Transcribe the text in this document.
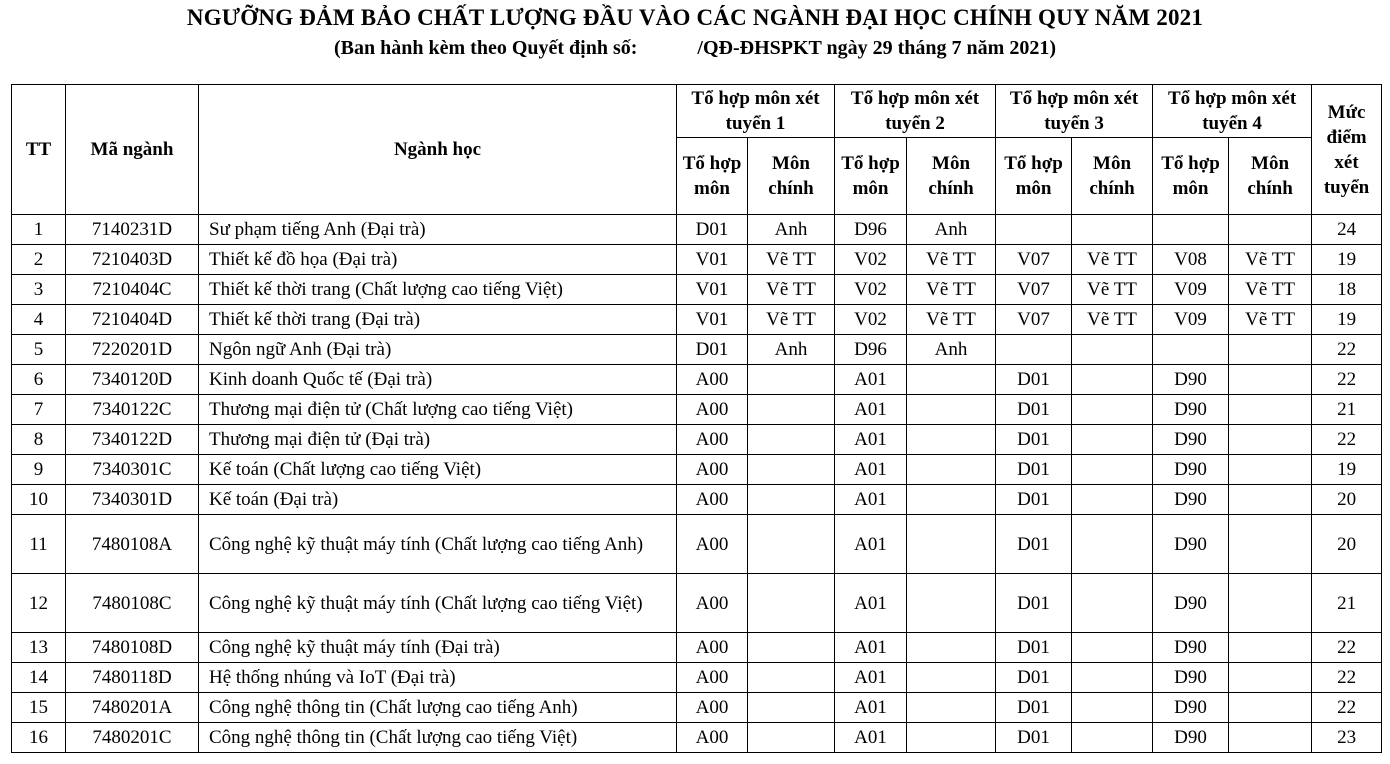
NGƯỠNG ĐẢM BẢO CHẤT LƯỢNG ĐẦU VÀO CÁC NGÀNH ĐẠI HỌC CHÍNH QUY NĂM 2021
(Ban hành kèm theo Quyết định số:            /QĐ-ĐHSPKT ngày 29 tháng 7 năm 2021)
TT	Mã ngành	Ngành học	Tổ hợp môn xét tuyển 1		Tổ hợp môn xét tuyển 2		Tổ hợp môn xét tuyển 3		Tổ hợp môn xét tuyển 4		Mức điểm xét tuyển
			Tổ hợp môn	Môn chính	Tổ hợp môn	Môn chính	Tổ hợp môn	Môn chính	Tổ hợp môn	Môn chính	
1	7140231D	Sư phạm tiếng Anh (Đại trà)	D01	Anh	D96	Anh					24
2	7210403D	Thiết kế đồ họa (Đại trà)	V01	Vẽ TT	V02	Vẽ TT	V07	Vẽ TT	V08	Vẽ TT	19
3	7210404C	Thiết kế thời trang (Chất lượng cao tiếng Việt)	V01	Vẽ TT	V02	Vẽ TT	V07	Vẽ TT	V09	Vẽ TT	18
4	7210404D	Thiết kế thời trang (Đại trà)	V01	Vẽ TT	V02	Vẽ TT	V07	Vẽ TT	V09	Vẽ TT	19
5	7220201D	Ngôn ngữ Anh (Đại trà)	D01	Anh	D96	Anh					22
6	7340120D	Kinh doanh Quốc tế (Đại trà)	A00		A01		D01		D90		22
7	7340122C	Thương mại điện tử (Chất lượng cao tiếng Việt)	A00		A01		D01		D90		21
8	7340122D	Thương mại điện tử (Đại trà)	A00		A01		D01		D90		22
9	7340301C	Kế toán (Chất lượng cao tiếng Việt)	A00		A01		D01		D90		19
10	7340301D	Kế toán (Đại trà)	A00		A01		D01		D90		20
11	7480108A	Công nghệ kỹ thuật máy tính (Chất lượng cao tiếng Anh)	A00		A01		D01		D90		20
12	7480108C	Công nghệ kỹ thuật máy tính (Chất lượng cao tiếng Việt)	A00		A01		D01		D90		21
13	7480108D	Công nghệ kỹ thuật máy tính (Đại trà)	A00		A01		D01		D90		22
14	7480118D	Hệ thống nhúng và IoT (Đại trà)	A00		A01		D01		D90		22
15	7480201A	Công nghệ thông tin (Chất lượng cao tiếng Anh)	A00		A01		D01		D90		22
16	7480201C	Công nghệ thông tin (Chất lượng cao tiếng Việt)	A00		A01		D01		D90		23
